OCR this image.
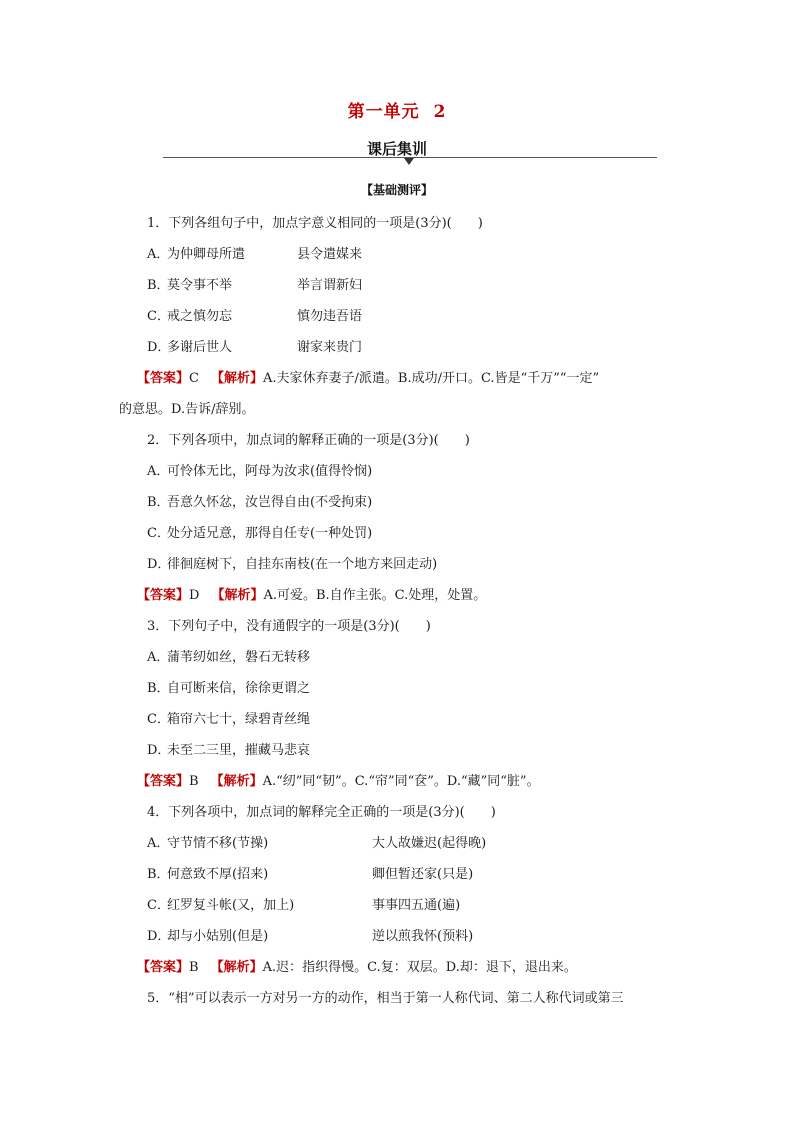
第一单元 2
课后集训
【基础测评】

1．下列各组句子中，加点字意义相同的一项是(3分)(　　)

A．为仲卿母所遣	县令遣媒来

B．莫令事不举	举言谓新妇

C．戒之慎勿忘	慎勿违吾语

D．多谢后世人	谢家来贵门

【答案】C 【解析】A.夫家休弃妻子/派遣。B.成功/开口。C.皆是“千万”“一定”

的意思。D.告诉/辞别。

2．下列各项中，加点词的解释正确的一项是(3分)(　　)

A．可怜体无比，阿母为汝求(值得怜悯)

B．吾意久怀忿，汝岂得自由(不受拘束)

C．处分适兄意，那得自任专(一种处罚)

D．徘徊庭树下，自挂东南枝(在一个地方来回走动)

【答案】D 【解析】A.可爱。B.自作主张。C.处理，处置。

3．下列句子中，没有通假字的一项是(3分)(　　)

A．蒲苇纫如丝，磐石无转移

B．自可断来信，徐徐更谓之

C．箱帘六七十，绿碧青丝绳

D．未至二三里，摧藏马悲哀

【答案】B 【解析】A.“纫”同“韧”。C.“帘”同“奁”。D.“藏”同“脏”。

4．下列各项中，加点词的解释完全正确的一项是(3分)(　　)

A．守节情不移(节操)	大人故嫌迟(起得晚)

B．何意致不厚(招来)	卿但暂还家(只是)

C．红罗复斗帐(又，加上)	事事四五通(遍)

D．却与小姑别(但是)	逆以煎我怀(预料)

【答案】B 【解析】A.迟：指织得慢。C.复：双层。D.却：退下，退出来。

5．“相”可以表示一方对另一方的动作，相当于第一人称代词、第二人称代词或第三
